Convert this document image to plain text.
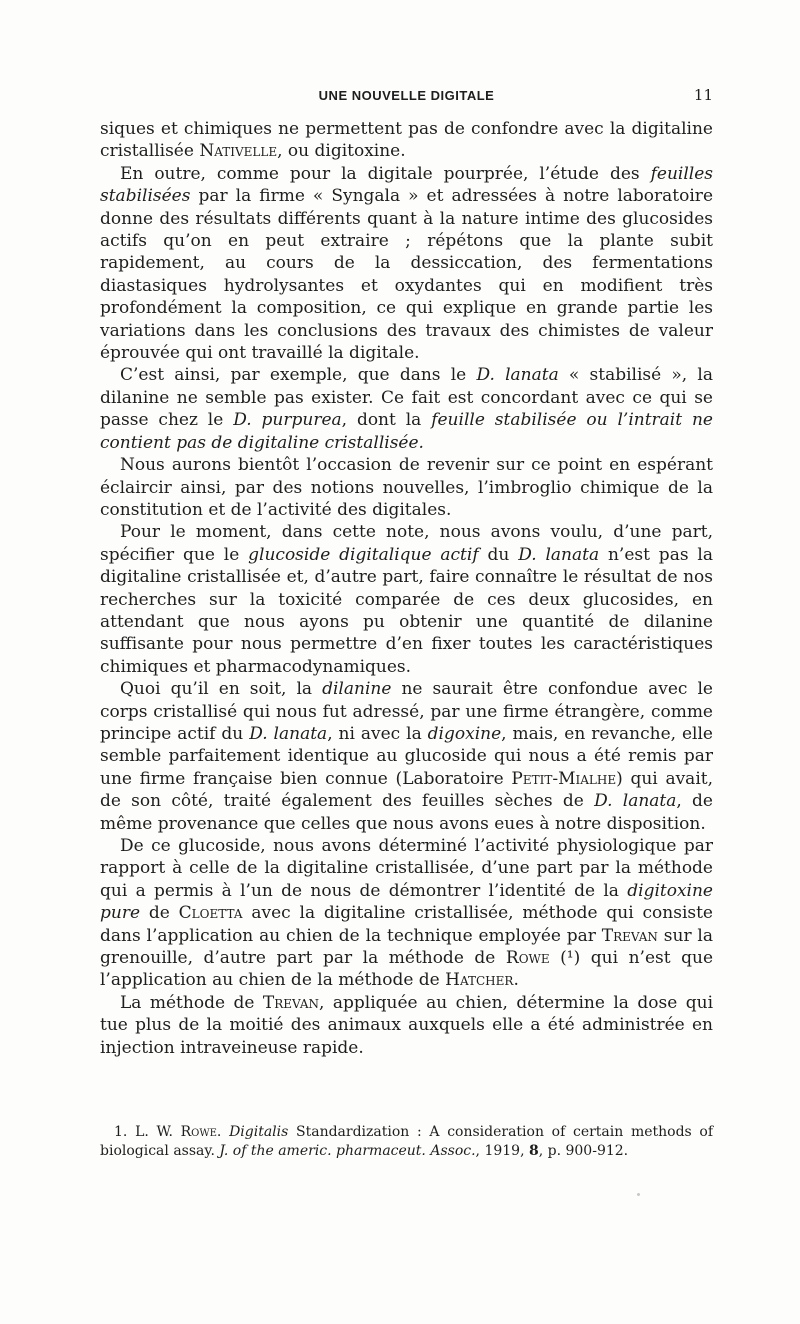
UNE NOUVELLE DIGITALE	11

siques et chimiques ne permettent pas de confondre avec la digitaline cristallisée Nativelle, ou digitoxine.

En outre, comme pour la digitale pourprée, l’étude des feuilles stabilisées par la firme « Syngala » et adressées à notre laboratoire donne des résultats différents quant à la nature intime des glucosides actifs qu’on en peut extraire ; répétons que la plante subit rapidement, au cours de la dessiccation, des fermentations diastasiques hydrolysantes et oxydantes qui en modifient très profondément la composition, ce qui explique en grande partie les variations dans les conclusions des travaux des chimistes de valeur éprouvée qui ont travaillé la digitale.

C’est ainsi, par exemple, que dans le D. lanata « stabilisé », la dilanine ne semble pas exister. Ce fait est concordant avec ce qui se passe chez le D. purpurea, dont la feuille stabilisée ou l’intrait ne contient pas de digitaline cristallisée.

Nous aurons bientôt l’occasion de revenir sur ce point en espérant éclaircir ainsi, par des notions nouvelles, l’imbroglio chimique de la constitution et de l’activité des digitales.

Pour le moment, dans cette note, nous avons voulu, d’une part, spécifier que le glucoside digitalique actif du D. lanata n’est pas la digitaline cristallisée et, d’autre part, faire connaître le résultat de nos recherches sur la toxicité comparée de ces deux glucosides, en attendant que nous ayons pu obtenir une quantité de dilanine suffisante pour nous permettre d’en fixer toutes les caractéristiques chimiques et pharmacodynamiques.

Quoi qu’il en soit, la dilanine ne saurait être confondue avec le corps cristallisé qui nous fut adressé, par une firme étrangère, comme principe actif du D. lanata, ni avec la digoxine, mais, en revanche, elle semble parfaitement identique au glucoside qui nous a été remis par une firme française bien connue (Laboratoire Petit-Mialhe) qui avait, de son côté, traité également des feuilles sèches de D. lanata, de même provenance que celles que nous avons eues à notre disposition.

De ce glucoside, nous avons déterminé l’activité physiologique par rapport à celle de la digitaline cristallisée, d’une part par la méthode qui a permis à l’un de nous de démontrer l’identité de la digitoxine pure de Cloetta avec la digitaline cristallisée, méthode qui consiste dans l’application au chien de la technique employée par Trevan sur la grenouille, d’autre part par la méthode de Rowe (¹) qui n’est que l’application au chien de la méthode de Hatcher.

La méthode de Trevan, appliquée au chien, détermine la dose qui tue plus de la moitié des animaux auxquels elle a été administrée en injection intraveineuse rapide.

1. L. W. Rowe. Digitalis Standardization : A consideration of certain methods of biological assay. J. of the americ. pharmaceut. Assoc., 1919, 8, p. 900-912.
